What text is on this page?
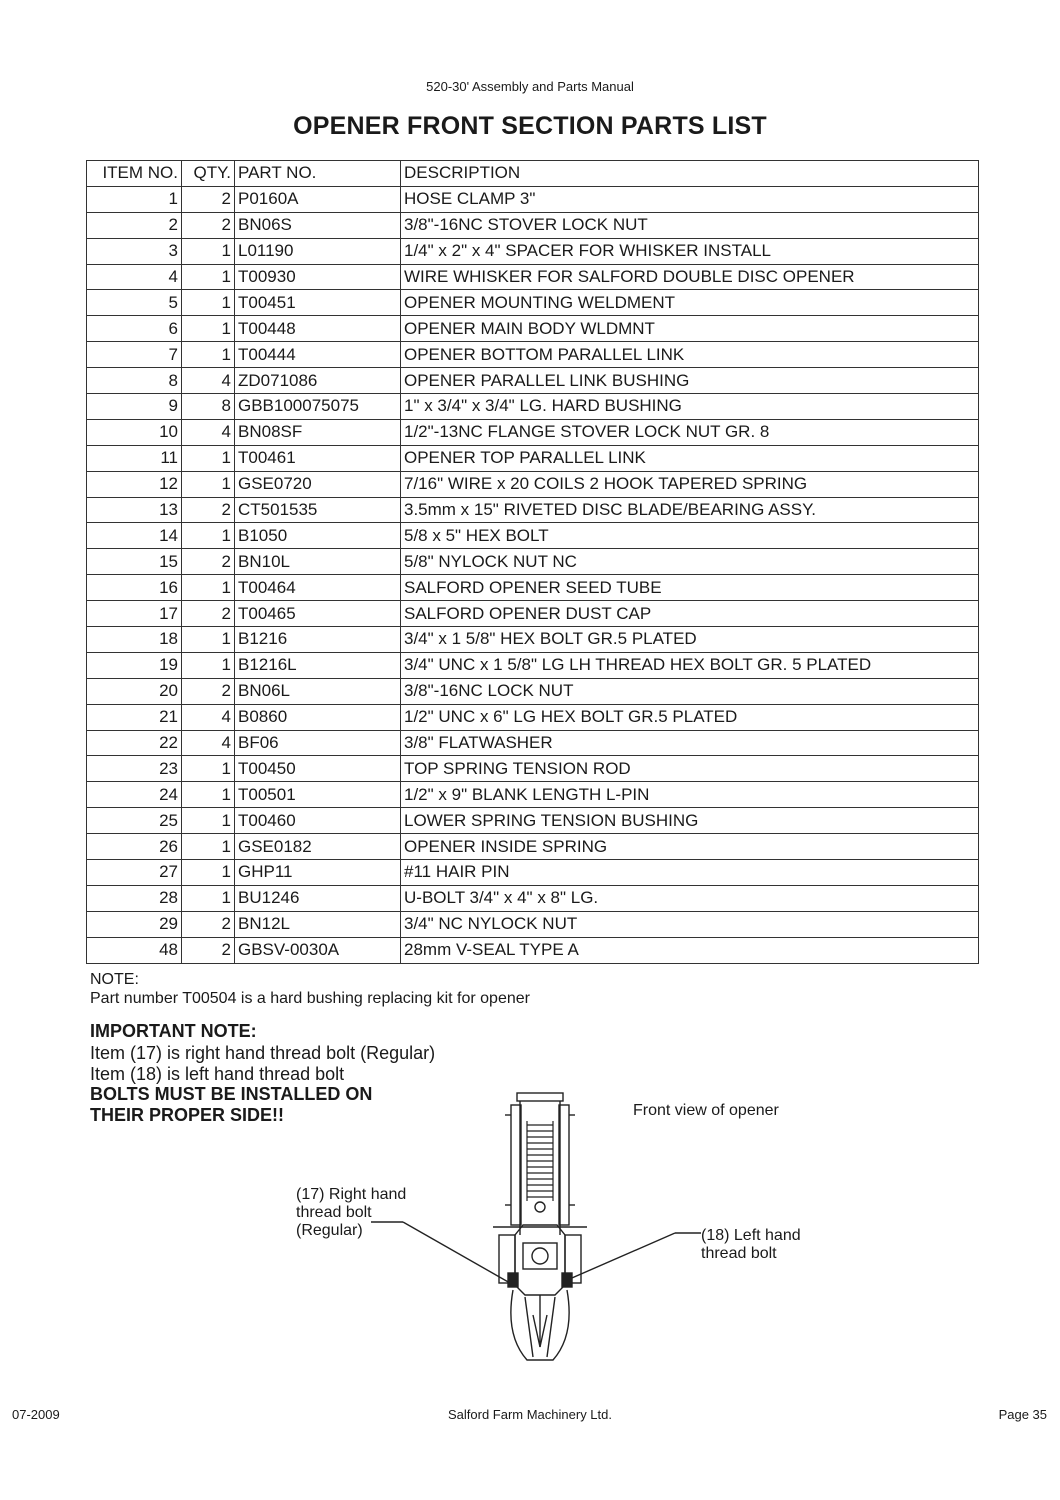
520-30' Assembly and Parts Manual
OPENER FRONT SECTION PARTS LIST
ITEM NO.	QTY.	PART NO.	DESCRIPTION
1	2	P0160A	HOSE CLAMP 3"
2	2	BN06S	3/8"-16NC STOVER LOCK NUT
3	1	L01190	1/4" x 2" x 4" SPACER FOR WHISKER INSTALL
4	1	T00930	WIRE WHISKER FOR SALFORD DOUBLE DISC OPENER
5	1	T00451	OPENER MOUNTING WELDMENT
6	1	T00448	OPENER MAIN BODY WLDMNT
7	1	T00444	OPENER BOTTOM PARALLEL LINK
8	4	ZD071086	OPENER PARALLEL LINK BUSHING
9	8	GBB100075075	1" x 3/4" x 3/4" LG. HARD BUSHING
10	4	BN08SF	1/2"-13NC FLANGE STOVER LOCK NUT GR. 8
11	1	T00461	OPENER TOP PARALLEL LINK
12	1	GSE0720	7/16" WIRE x 20 COILS 2 HOOK TAPERED SPRING
13	2	CT501535	3.5mm x 15" RIVETED DISC BLADE/BEARING ASSY.
14	1	B1050	5/8 x 5" HEX BOLT
15	2	BN10L	5/8" NYLOCK NUT NC
16	1	T00464	SALFORD OPENER SEED TUBE
17	2	T00465	SALFORD OPENER DUST CAP
18	1	B1216	3/4" x 1 5/8" HEX BOLT GR.5 PLATED
19	1	B1216L	3/4" UNC x 1 5/8" LG LH THREAD HEX BOLT GR. 5 PLATED
20	2	BN06L	3/8"-16NC LOCK NUT
21	4	B0860	1/2" UNC x 6" LG HEX BOLT GR.5 PLATED
22	4	BF06	3/8" FLATWASHER
23	1	T00450	TOP SPRING TENSION ROD
24	1	T00501	1/2" x 9" BLANK LENGTH L-PIN
25	1	T00460	LOWER SPRING TENSION BUSHING
26	1	GSE0182	OPENER INSIDE SPRING
27	1	GHP11	#11 HAIR PIN
28	1	BU1246	U-BOLT 3/4" x 4" x 8" LG.
29	2	BN12L	3/4" NC NYLOCK NUT
48	2	GBSV-0030A	28mm V-SEAL TYPE A
NOTE:
Part number T00504 is a hard bushing replacing kit for opener
IMPORTANT NOTE:
Item (17) is right hand thread bolt (Regular)
Item (18) is left hand thread bolt
BOLTS MUST BE INSTALLED ON
THEIR PROPER SIDE!!	Front view of opener
(17) Right hand
thread bolt
(Regular)	(18) Left hand
thread bolt
07-2009	Salford Farm Machinery Ltd.	Page 35
